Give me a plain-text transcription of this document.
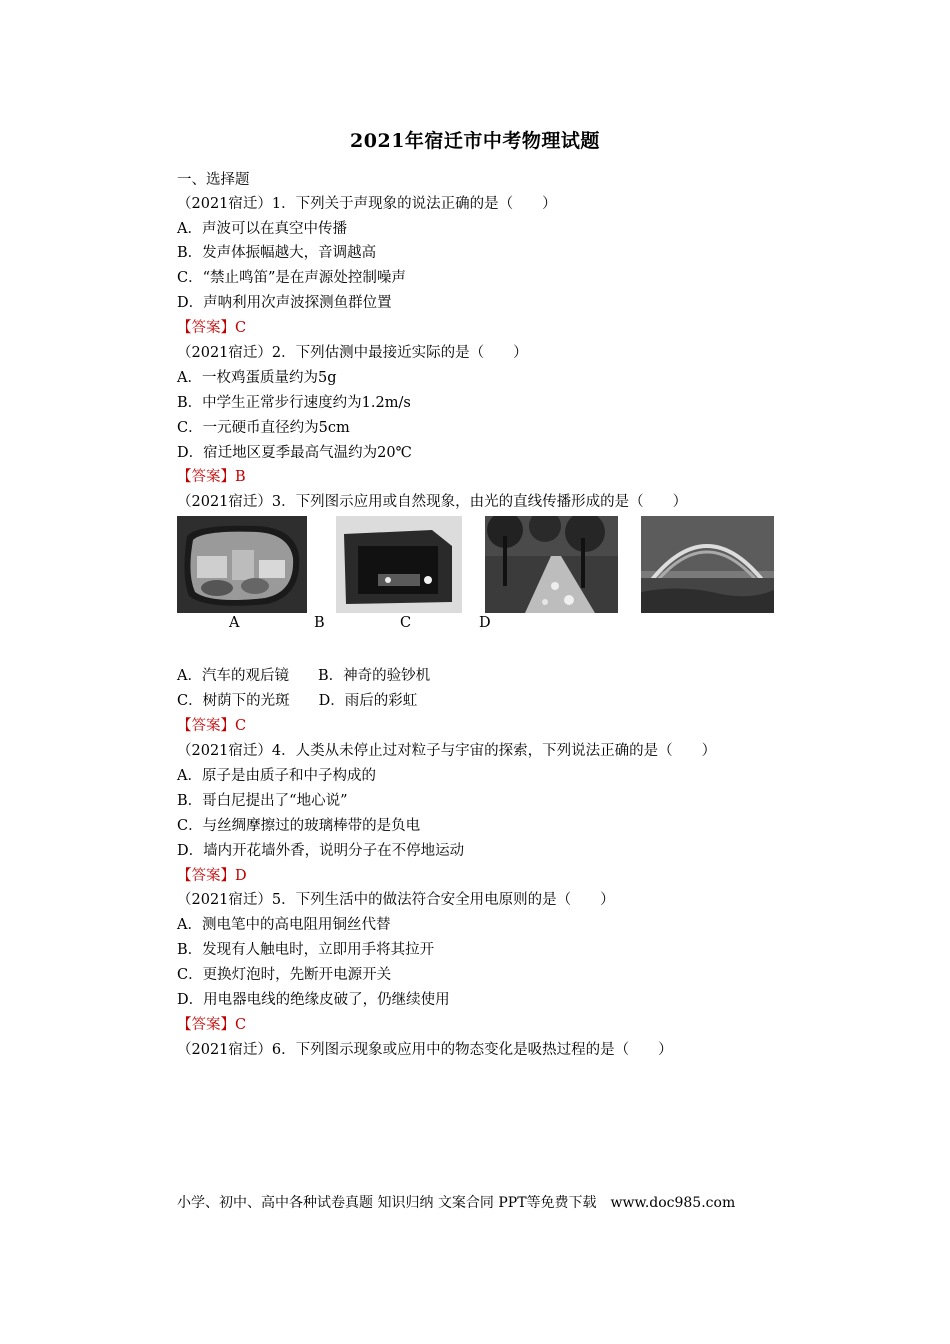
2021年宿迁市中考物理试题
一、选择题
（2021宿迁）1．下列关于声现象的说法正确的是（　　）
A．声波可以在真空中传播
B．发声体振幅越大，音调越高
C．“禁止鸣笛”是在声源处控制噪声
D．声呐利用次声波探测鱼群位置
【答案】C
（2021宿迁）2．下列估测中最接近实际的是（　　）
A．一枚鸡蛋质量约为5g
B．中学生正常步行速度约为1.2m/s
C．一元硬币直径约为5cm
D．宿迁地区夏季最高气温约为20℃
【答案】B
（2021宿迁）3．下列图示应用或自然现象，由光的直线传播形成的是（　　）
A	B	C	D
A．汽车的观后镜　　B．神奇的验钞机
C．树荫下的光斑　　D．雨后的彩虹
【答案】C
（2021宿迁）4．人类从未停止过对粒子与宇宙的探索，下列说法正确的是（　　）
A．原子是由质子和中子构成的
B．哥白尼提出了“地心说”
C．与丝绸摩擦过的玻璃棒带的是负电
D．墙内开花墙外香，说明分子在不停地运动
【答案】D
（2021宿迁）5．下列生活中的做法符合安全用电原则的是（　　）
A．测电笔中的高电阻用铜丝代替
B．发现有人触电时，立即用手将其拉开
C．更换灯泡时，先断开电源开关
D．用电器电线的绝缘皮破了，仍继续使用
【答案】C
（2021宿迁）6．下列图示现象或应用中的物态变化是吸热过程的是（　　）
小学、初中、高中各种试卷真题 知识归纳 文案合同 PPT等免费下载　www.doc985.com
